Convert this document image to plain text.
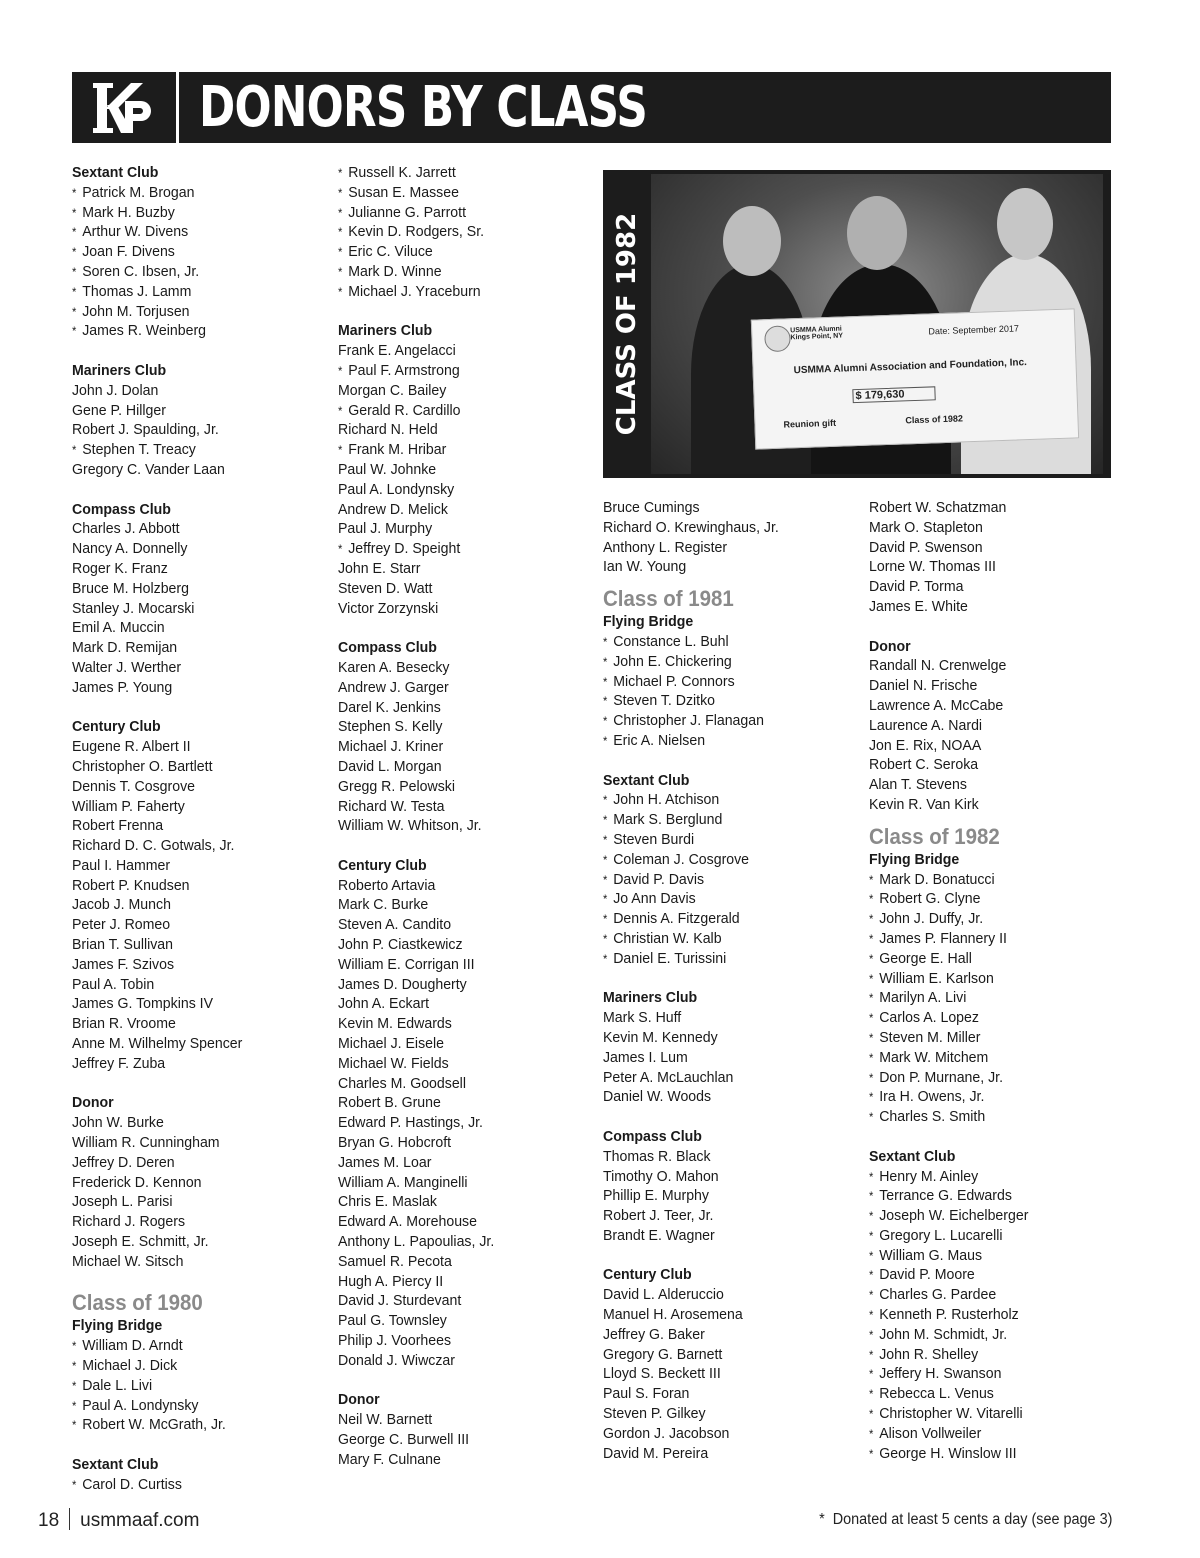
DONORS BY CLASS
CLASS OF 1982	USMMA Alumni Kings Point, NY
Date: September 2017
USMMA Alumni Association and Foundation, Inc.
$ 179,630
Reunion gift	Class of 1982
Sextant Club
* Patrick M. Brogan
* Mark H. Buzby
* Arthur W. Divens
* Joan F. Divens
* Soren C. Ibsen, Jr.
* Thomas J. Lamm
* John M. Torjusen
* James R. Weinberg
Mariners Club
John J. Dolan
Gene P. Hillger
Robert J. Spaulding, Jr.
* Stephen T. Treacy
Gregory C. Vander Laan
Compass Club
Charles J. Abbott
Nancy A. Donnelly
Roger K. Franz
Bruce M. Holzberg
Stanley J. Mocarski
Emil A. Muccin
Mark D. Remijan
Walter J. Werther
James P. Young
Century Club
Eugene R. Albert II
Christopher O. Bartlett
Dennis T. Cosgrove
William P. Faherty
Robert Frenna
Richard D. C. Gotwals, Jr.
Paul I. Hammer
Robert P. Knudsen
Jacob J. Munch
Peter J. Romeo
Brian T. Sullivan
James F. Szivos
Paul A. Tobin
James G. Tompkins IV
Brian R. Vroome
Anne M. Wilhelmy Spencer
Jeffrey F. Zuba
Donor
John W. Burke
William R. Cunningham
Jeffrey D. Deren
Frederick D. Kennon
Joseph L. Parisi
Richard J. Rogers
Joseph E. Schmitt, Jr.
Michael W. Sitsch
Class of 1980
Flying Bridge
* William D. Arndt
* Michael J. Dick
* Dale L. Livi
* Paul A. Londynsky
* Robert W. McGrath, Jr.
Sextant Club
* Carol D. Curtiss
* Russell K. Jarrett
* Susan E. Massee
* Julianne G. Parrott
* Kevin D. Rodgers, Sr.
* Eric C. Viluce
* Mark D. Winne
* Michael J. Yraceburn
Mariners Club
Frank E. Angelacci
* Paul F. Armstrong
Morgan C. Bailey
* Gerald R. Cardillo
Richard N. Held
* Frank M. Hribar
Paul W. Johnke
Paul A. Londynsky
Andrew D. Melick
Paul J. Murphy
* Jeffrey D. Speight
John E. Starr
Steven D. Watt
Victor Zorzynski
Compass Club
Karen A. Besecky
Andrew J. Garger
Darel K. Jenkins
Stephen S. Kelly
Michael J. Kriner
David L. Morgan
Gregg R. Pelowski
Richard W. Testa
William W. Whitson, Jr.
Century Club
Roberto Artavia
Mark C. Burke
Steven A. Candito
John P. Ciastkewicz
William E. Corrigan III
James D. Dougherty
John A. Eckart
Kevin M. Edwards
Michael J. Eisele
Michael W. Fields
Charles M. Goodsell
Robert B. Grune
Edward P. Hastings, Jr.
Bryan G. Hobcroft
James M. Loar
William A. Manginelli
Chris E. Maslak
Edward A. Morehouse
Anthony L. Papoulias, Jr.
Samuel R. Pecota
Hugh A. Piercy II
David J. Sturdevant
Paul G. Townsley
Philip J. Voorhees
Donald J. Wiwczar
Donor
Neil W. Barnett
George C. Burwell III
Mary F. Culnane
Bruce Cumings
Richard O. Krewinghaus, Jr.
Anthony L. Register
Ian W. Young
Class of 1981
Flying Bridge
* Constance L. Buhl
* John E. Chickering
* Michael P. Connors
* Steven T. Dzitko
* Christopher J. Flanagan
* Eric A. Nielsen
Sextant Club
* John H. Atchison
* Mark S. Berglund
* Steven Burdi
* Coleman J. Cosgrove
* David P. Davis
* Jo Ann Davis
* Dennis A. Fitzgerald
* Christian W. Kalb
* Daniel E. Turissini
Mariners Club
Mark S. Huff
Kevin M. Kennedy
James I. Lum
Peter A. McLauchlan
Daniel W. Woods
Compass Club
Thomas R. Black
Timothy O. Mahon
Phillip E. Murphy
Robert J. Teer, Jr.
Brandt E. Wagner
Century Club
David L. Alderuccio
Manuel H. Arosemena
Jeffrey G. Baker
Gregory G. Barnett
Lloyd S. Beckett III
Paul S. Foran
Steven P. Gilkey
Gordon J. Jacobson
David M. Pereira
Robert W. Schatzman
Mark O. Stapleton
David P. Swenson
Lorne W. Thomas III
David P. Torma
James E. White
Donor
Randall N. Crenwelge
Daniel N. Frische
Lawrence A. McCabe
Laurence A. Nardi
Jon E. Rix, NOAA
Robert C. Seroka
Alan T. Stevens
Kevin R. Van Kirk
Class of 1982
Flying Bridge
* Mark D. Bonatucci
* Robert G. Clyne
* John J. Duffy, Jr.
* James P. Flannery II
* George E. Hall
* William E. Karlson
* Marilyn A. Livi
* Carlos A. Lopez
* Steven M. Miller
* Mark W. Mitchem
* Don P. Murnane, Jr.
* Ira H. Owens, Jr.
* Charles S. Smith
Sextant Club
* Henry M. Ainley
* Terrance G. Edwards
* Joseph W. Eichelberger
* Gregory L. Lucarelli
* William G. Maus
* David P. Moore
* Charles G. Pardee
* Kenneth P. Rusterholz
* John M. Schmidt, Jr.
* John R. Shelley
* Jeffery H. Swanson
* Rebecca L. Venus
* Christopher W. Vitarelli
* Alison Vollweiler
* George H. Winslow III
18 usmmaaf.com	* Donated at least 5 cents a day (see page 3)
